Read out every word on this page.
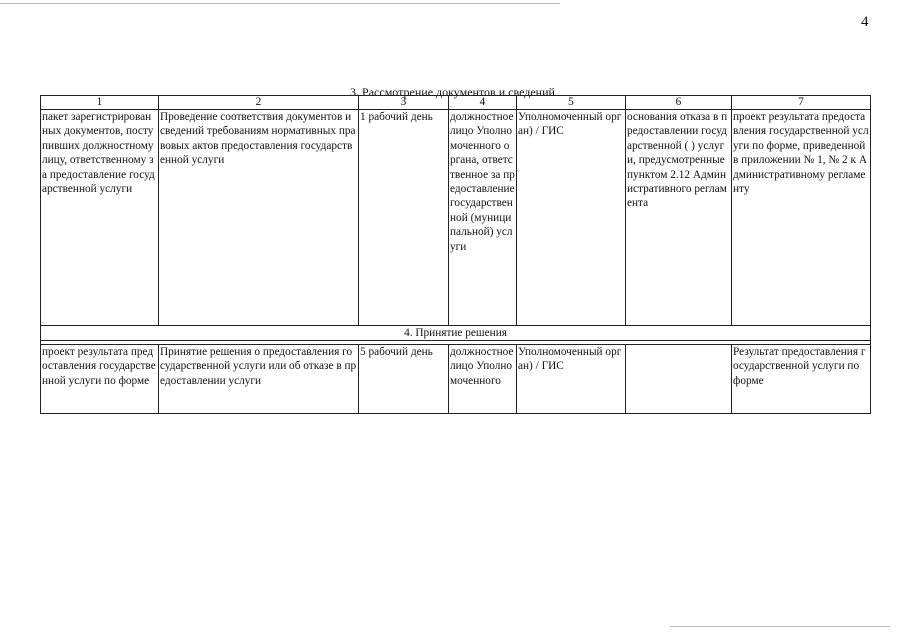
4
3. Рассмотрение документов и сведений
1	2	3	4	5	6	7
пакет зарегистрированных документов, поступивших должностному лицу, ответственному за предоставление государственной услуги	Проведение соответствия документов и сведений требованиям нормативных правовых актов предоставления государственной услуги	1 рабочий день	должностное лицо Уполномоченного органа, ответственное за предоставление государственной (муниципальной) услуги	Уполномоченный орган) / ГИС	основания отказа в предоставлении государственной ( ) услуги, предусмотренные пунктом 2.12 Административного регламента	проект результата предоставления государственной услуги по форме, приведенной в приложении № 1, № 2 к Административному регламенту
4. Принятие решения						

проект результата предоставления государственной услуги по форме	Принятие решения о предоставления государственной услуги или об отказе в предоставлении услуги	5 рабочий день	должностное лицо Уполномоченного	Уполномоченный орган) / ГИС		Результат предоставления государственной услуги по форме
